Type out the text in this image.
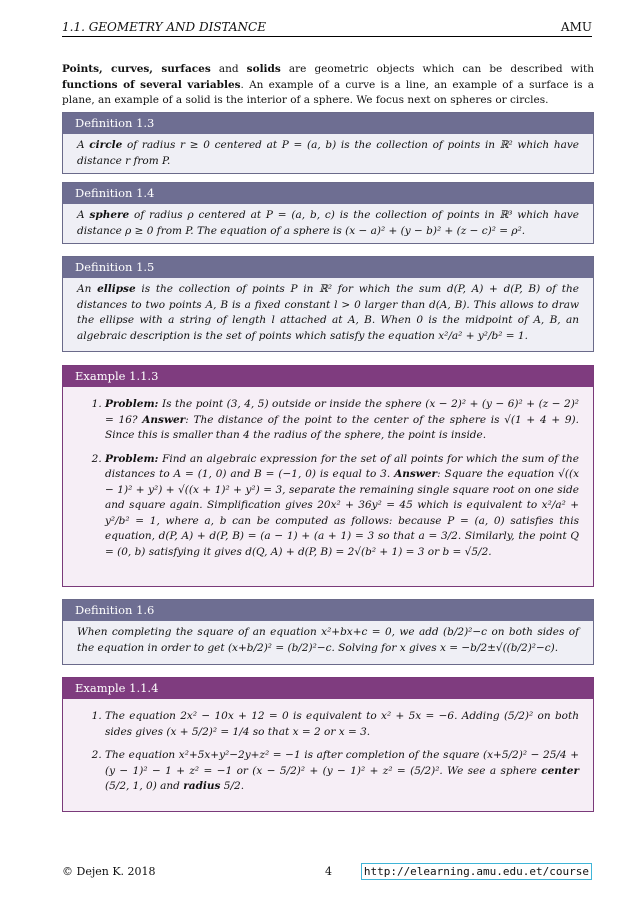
1.1. GEOMETRY AND DISTANCE	AMU
Points, curves, surfaces and solids are geometric objects which can be described with functions of several variables. An example of a curve is a line, an example of a surface is a plane, an example of a solid is the interior of a sphere. We focus next on spheres or circles.
Definition 1.3
A circle of radius r ≥ 0 centered at P = (a, b) is the collection of points in ℝ² which have distance r from P.
Definition 1.4
A sphere of radius ρ centered at P = (a, b, c) is the collection of points in ℝ³ which have distance ρ ≥ 0 from P. The equation of a sphere is (x − a)² + (y − b)² + (z − c)² = ρ².
Definition 1.5
An ellipse is the collection of points P in ℝ² for which the sum d(P, A) + d(P, B) of the distances to two points A, B is a fixed constant l > 0 larger than d(A, B). This allows to draw the ellipse with a string of length l attached at A, B. When 0 is the midpoint of A, B, an algebraic description is the set of points which satisfy the equation x²/a² + y²/b² = 1.
Example 1.1.3
1. Problem: Is the point (3, 4, 5) outside or inside the sphere (x − 2)² + (y − 6)² + (z − 2)² = 16? Answer: The distance of the point to the center of the sphere is √(1 + 4 + 9). Since this is smaller than 4 the radius of the sphere, the point is inside.
2. Problem: Find an algebraic expression for the set of all points for which the sum of the distances to A = (1, 0) and B = (−1, 0) is equal to 3. Answer: Square the equation √((x − 1)² + y²) + √((x + 1)² + y²) = 3, separate the remaining single square root on one side and square again. Simplification gives 20x² + 36y² = 45 which is equivalent to x²/a² + y²/b² = 1, where a, b can be computed as follows: because P = (a, 0) satisfies this equation, d(P, A) + d(P, B) = (a − 1) + (a + 1) = 3 so that a = 3/2. Similarly, the point Q = (0, b) satisfying it gives d(Q, A) + d(P, B) = 2√(b² + 1) = 3 or b = √5/2.
Definition 1.6
When completing the square of an equation x²+bx+c = 0, we add (b/2)²−c on both sides of the equation in order to get (x+b/2)² = (b/2)²−c. Solving for x gives x = −b/2±√((b/2)²−c).
Example 1.1.4
1. The equation 2x² − 10x + 12 = 0 is equivalent to x² + 5x = −6. Adding (5/2)² on both sides gives (x + 5/2)² = 1/4 so that x = 2 or x = 3.
2. The equation x²+5x+y²−2y+z² = −1 is after completion of the square (x+5/2)² − 25/4 + (y − 1)² − 1 + z² = −1 or (x − 5/2)² + (y − 1)² + z² = (5/2)². We see a sphere center (5/2, 1, 0) and radius 5/2.
© Dejen K. 2018	4	http://elearning.amu.edu.et/course
